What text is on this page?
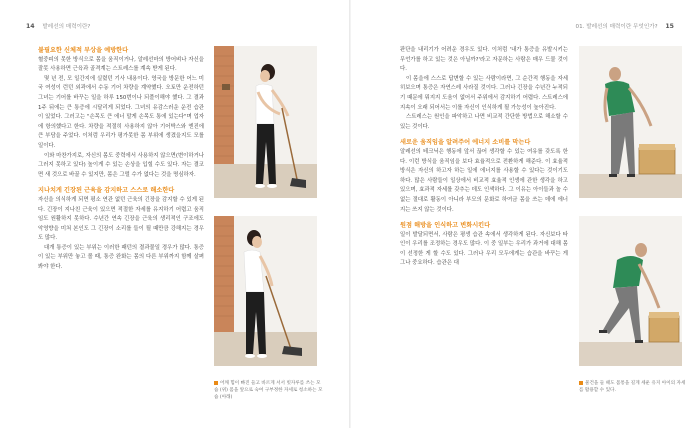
14 발레선의 매력이란?
불필요한 신체적 부상을 예방한다

혈중피의 못한 방식으로 몸을 움직이거나, 알레선마의 방어벼나 자신을 잘못 사용하면 근육과 골격계는 스트레스를 계속 받게 된다.

몇 년 전, 모 일간지에 실렸던 기사 내용이다. 영국을 방문한 어느 미국 여성이 런던 외곽에서 수동 기어 차량을 계약했다. 오토만 운전하던 그녀는 기어를 바꾸는 일을 하루 150번이나 되풀이해야 했다. 그 결과 1주 뒤에는 큰 통증에 시달리게 되었다. 그녀의 유감스러운 운전 습관이 있었다. 그러고는 "손목도 큰 에너 말게 손목도 통에 있는다"며 업자에 항의했다고 한다. 차량을 적절히 사용하지 않아 기어박스와 엔진에 큰 부담을 주었다. 이처럼 우리가 평가못한 몸 부위에 생겼을지도 모를 일이다.

이와 마찬가지로, 자신의 몸도 중력에서 사용하지 않으면(변이하거나 그러지 못하고 있다) 높이게 수 있는 손상을 입힐 수도 있다. 자는 결코면 새 것으로 바꿀 수 있지만, 몸은 그럴 수가 없다는 것을 명심하자.

지나치게 긴장된 근육을 감지하고 스스로 해소한다

자신을 의식하게 되면 평소 연관 없던 근육의 긴장을 감지할 수 있게 된다. 긴장이 지나친 근육이 있으면 적절한 자세를 유지하기 어렵고 움직임도 원활하지 못하다. 수년간 연속 긴장을 근육의 생리적인 구조에도 악영향을 미쳐 본인도 그 긴장이 소리를 들이 될 때만큼 강해지는 경우도 많다.

대개 통증이 있는 부위는 이러한 패턴의 결과물일 경우가 많다. 통증이 있는 부위만 놓고 볼 때, 통증 완화는 몸의 다른 부위까지 함께 살펴봐야 한다.

어깨 힘이 빠진 들고 바르게 서서 빗자루를 쓰는 모습 (위) 몸을 앞으로 숙여 구부정한 자세로 청소하는 모습 (아래)
01. 발레선의 매력이란 무엇인가? 15

판단을 내리기가 어려운 경우도 있다. 이처럼 '내가 통증을 유발시키는 무언가를 하고 있는 것은 아닐까?'라고 자문하는 사람은 매우 드물 것이다.

이 몸을에 스스로 답변할 수 있는 사람이라면, 그 순간적 행동을 자세히보으며 통증은 자연스레 사라질 것이다. 그러나 긴장을 수년간 누적되기 때문에 뭐지지 도움이 없어서 주위에서 감지하기 어렵다. 스트레스에 지속이 오래 되어서는 이를 자신이 인식하게 될 가능성이 높아진다.

스트레스는 원인을 파악하고 나면 비교적 간단한 방법으로 해소할 수 있는 것이다.

새로운 움직임을 알려주어 에너지 소비를 막는다

알레선의 테크닉은 행동에 앞서 끊어 생각할 수 있는 여유를 갖도록 한다. 이런 방식을 움직임을 보다 효율적으로 전환하게 해준다. 이 효율적 방식은 자신의 하고자 하는 일에 에너지를 사용할 수 있다는 것이기도 하다. 많은 사람들이 일상에서 비교적 효율적 인생에 관한 생각을 하고 있으며, 효과적 자세를 갖추는 데도 인색하다. 그 이유는 아이들과 놀 수 없는 절대로 활동이 아니라 부모의 문화로 하여금 몸을 쓰는 데에 에너지는 쓰지 않는 것이다.

원점 해방을 인식하고 변화시킨다

일이 발달되면서, 사람은 평생 습관 속에서 생각하게 된다. 자신보다 타인이 우리를 조정하는 경우도 많다. 이 중 일부는 우리가 과거에 대해 몸이 선정한 게 할 수도 있다. 그러나 우리 모두에게는 습관을 바꾸는 게 그나 중요하다. 습관은 대

물건을 들 때도 몸통을 길게 세운 유지 아이의 자세를 활용할 수 있다.
